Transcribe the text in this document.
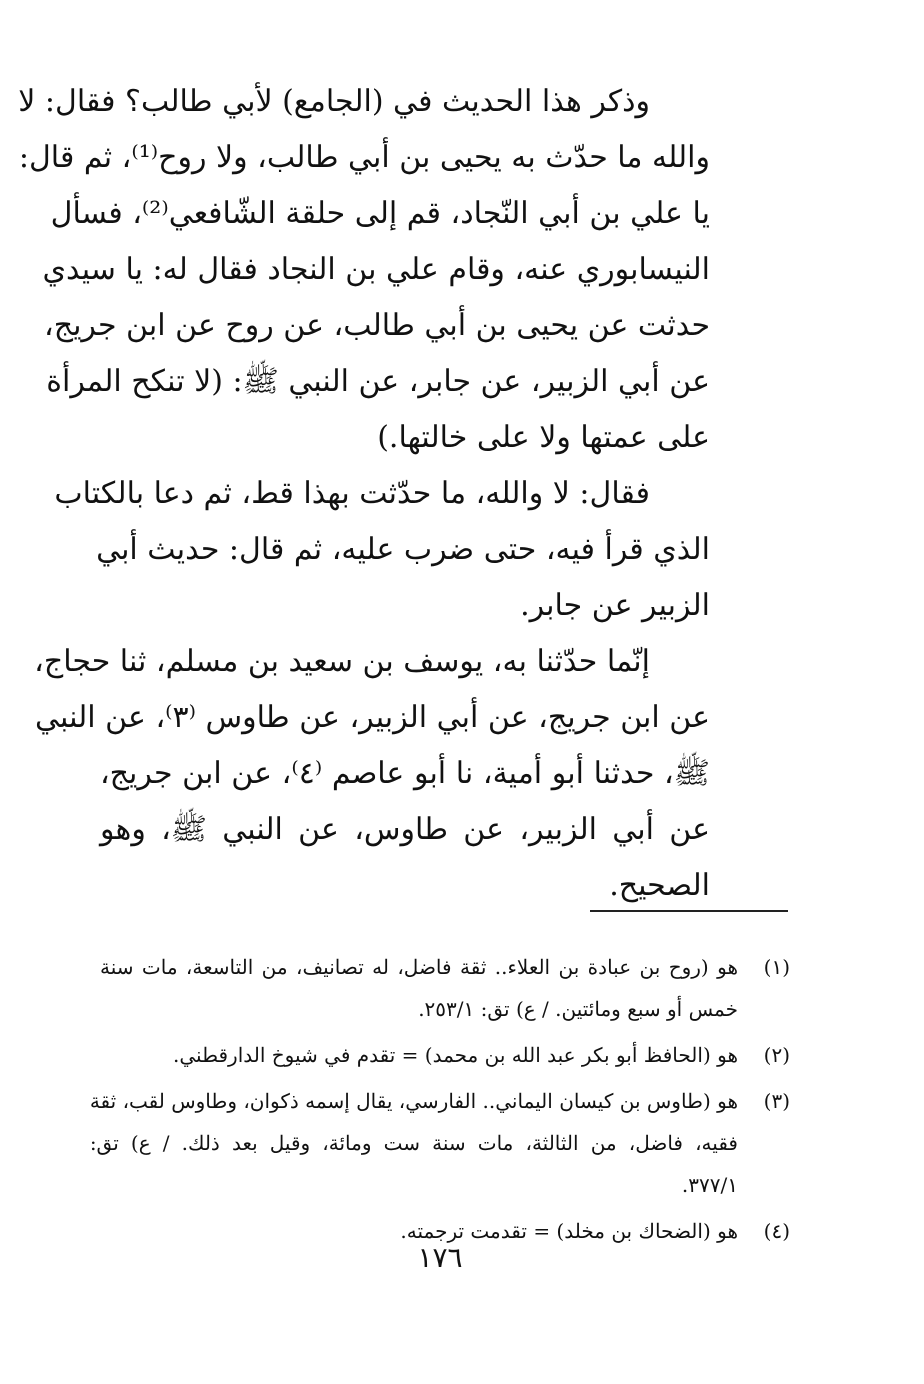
وذكر هذا الحديث في (الجامع) لأبي طالب؟ فقال: لا
والله ما حدّث به يحيى بن أبي طالب، ولا روح⁽¹⁾، ثم قال:
يا علي بن أبي النّجاد، قم إلى حلقة الشّافعي⁽²⁾، فسأل
النيسابوري عنه، وقام علي بن النجاد فقال له: يا سيدي
حدثت عن يحيى بن أبي طالب، عن روح عن ابن جريج،
عن أبي الزبير، عن جابر، عن النبي ﷺ: (لا تنكح المرأة
على عمتها ولا على خالتها.)
فقال: لا والله، ما حدّثت بهذا قط، ثم دعا بالكتاب
الذي قرأ فيه، حتى ضرب عليه، ثم قال: حديث أبي
الزبير عن جابر.
إنّما حدّثنا به، يوسف بن سعيد بن مسلم، ثنا حجاج،
عن ابن جريج، عن أبي الزبير، عن طاوس ⁽٣⁾، عن النبي
ﷺ، حدثنا أبو أمية، نا أبو عاصم ⁽٤⁾، عن ابن جريج،
عن أبي الزبير، عن طاوس، عن النبي ﷺ، وهو
الصحيح.
(١)
هو (روح بن عبادة بن العلاء.. ثقة فاضل، له تصانيف، من التاسعة، مات سنة
خمس أو سبع ومائتين. / ع) تق: ٢٥٣/١.
(٢)
هو (الحافظ أبو بكر عبد الله بن محمد) = تقدم في شيوخ الدارقطني.
(٣)
هو (طاوس بن كيسان اليماني.. الفارسي، يقال إسمه ذكوان، وطاوس لقب، ثقة
فقيه، فاضل، من الثالثة، مات سنة ست ومائة، وقيل بعد ذلك. / ع) تق:
٣٧٧/١.
(٤)
هو (الضحاك بن مخلد) = تقدمت ترجمته.
١٧٦
